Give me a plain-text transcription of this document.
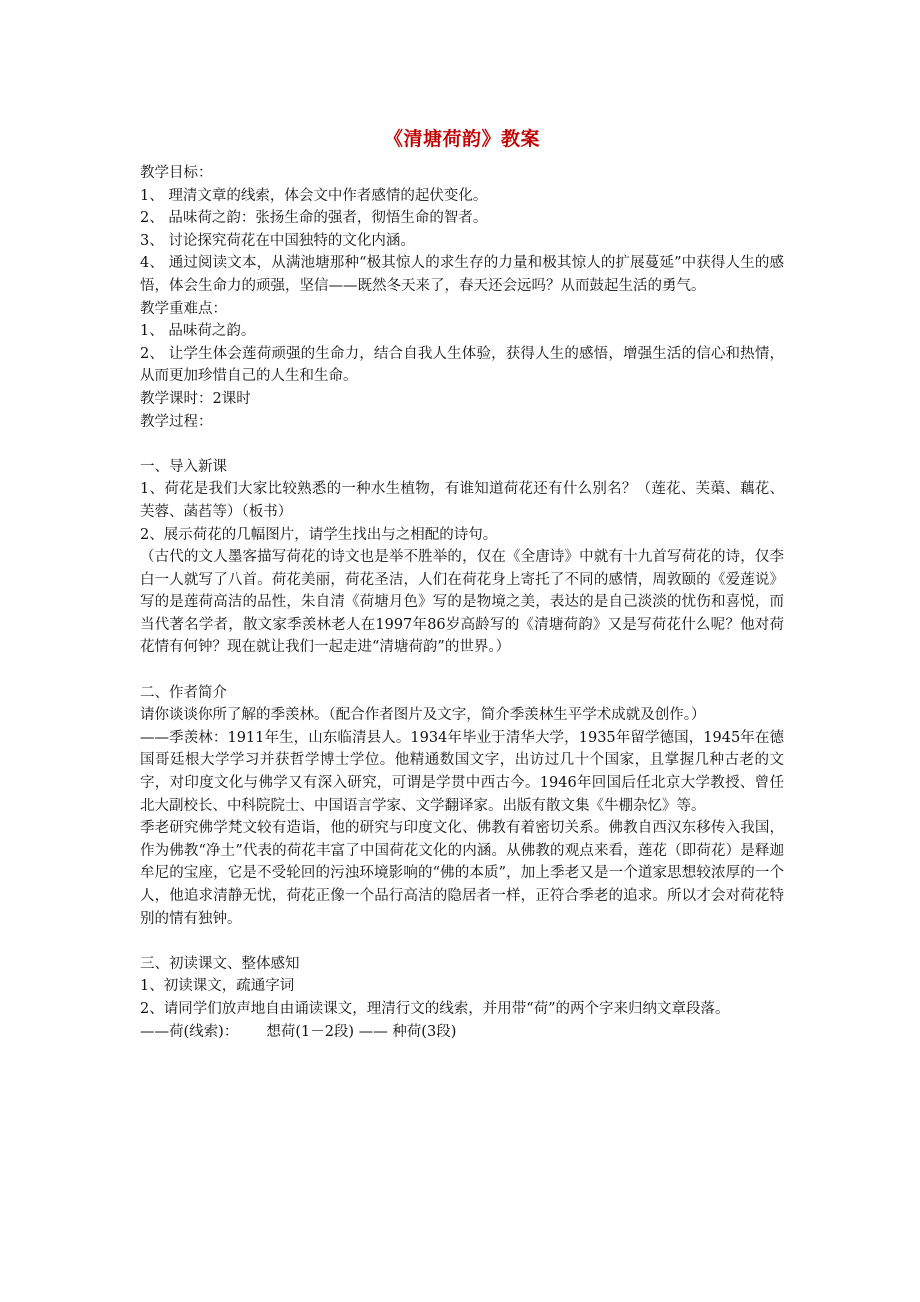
《清塘荷韵》教案

教学目标：

1、 理清文章的线索，体会文中作者感情的起伏变化。

2、 品味荷之韵：张扬生命的强者，彻悟生命的智者。

3、 讨论探究荷花在中国独特的文化内涵。

4、 通过阅读文本，从满池塘那种“极其惊人的求生存的力量和极其惊人的扩展蔓延”中获得人生的感悟，体会生命力的顽强，坚信——既然冬天来了，春天还会远吗？从而鼓起生活的勇气。

教学重难点：

1、 品味荷之韵。

2、 让学生体会莲荷顽强的生命力，结合自我人生体验，获得人生的感悟，增强生活的信心和热情，从而更加珍惜自己的人生和生命。

教学课时：2课时

教学过程：

一、导入新课

1、荷花是我们大家比较熟悉的一种水生植物，有谁知道荷花还有什么别名？（莲花、芙蕖、藕花、芙蓉、菡萏等）（板书）

2、展示荷花的几幅图片，请学生找出与之相配的诗句。

（古代的文人墨客描写荷花的诗文也是举不胜举的，仅在《全唐诗》中就有十九首写荷花的诗，仅李白一人就写了八首。荷花美丽，荷花圣洁，人们在荷花身上寄托了不同的感情，周敦颐的《爱莲说》写的是莲荷高洁的品性，朱自清《荷塘月色》写的是物境之美，表达的是自己淡淡的忧伤和喜悦，而当代著名学者，散文家季羡林老人在1997年86岁高龄写的《清塘荷韵》又是写荷花什么呢？他对荷花情有何钟？现在就让我们一起走进“清塘荷韵”的世界。）

二、作者简介

请你谈谈你所了解的季羡林。（配合作者图片及文字，简介季羡林生平学术成就及创作。）

——季羡林：1911年生，山东临清县人。1934年毕业于清华大学，1935年留学德国，1945年在德国哥廷根大学学习并获哲学博士学位。他精通数国文字，出访过几十个国家，且掌握几种古老的文字，对印度文化与佛学又有深入研究，可谓是学贯中西古今。1946年回国后任北京大学教授、曾任北大副校长、中科院院士、中国语言学家、文学翻译家。出版有散文集《牛棚杂忆》等。

季老研究佛学梵文较有造诣，他的研究与印度文化、佛教有着密切关系。佛教自西汉东移传入我国，作为佛教“净土”代表的荷花丰富了中国荷花文化的内涵。从佛教的观点来看，莲花（即荷花）是释迦牟尼的宝座，它是不受轮回的污浊环境影响的“佛的本质”，加上季老又是一个道家思想较浓厚的一个人，他追求清静无忧，荷花正像一个品行高洁的隐居者一样，正符合季老的追求。所以才会对荷花特别的情有独钟。

三、初读课文、整体感知

1、初读课文，疏通字词

2、请同学们放声地自由诵读课文，理清行文的线索，并用带“荷”的两个字来归纳文章段落。

——荷(线索)： 想荷(1－2段) —— 种荷(3段)
